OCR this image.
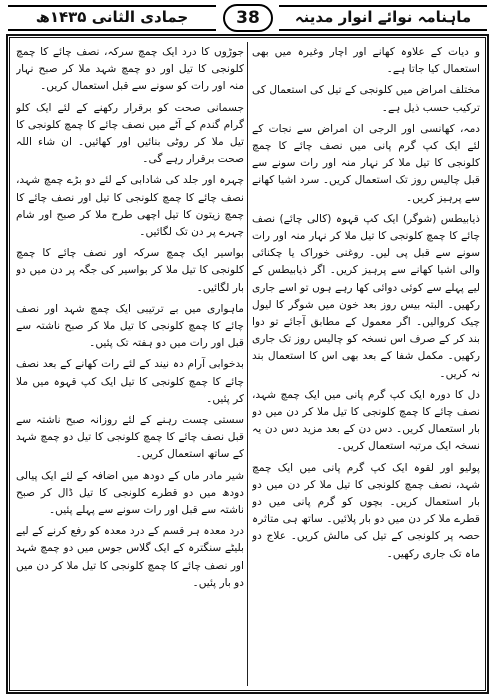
جمادی الثانی ۱۴۳۵ھ	38	ماہنامہ نوائے انوار مدینہ

و دیات کے علاوہ کھانے اور اچار وغیرہ میں بھی استعمال کیا جاتا ہے۔

مختلف امراض میں کلونجی کے تیل کی استعمال کی ترکیب حسب ذیل ہے۔

دمہ، کھانسی اور الرجی ان امراض سے نجات کے لئے ایک کپ گرم پانی میں نصف چائے کا چمچ کلونجی کا تیل ملا کر نہار منہ اور رات سونے سے قبل چالیس روز تک استعمال کریں۔ سرد اشیا کھانے سے پرہیز کریں۔

ذیابیطس (شوگر) ایک کپ قہوہ (کالی چائے) نصف چائے کا چمچ کلونجی کا تیل ملا کر نہار منہ اور رات سونے سے قبل پی لیں۔ روغنی خوراک یا چکنائی والی اشیا کھانے سے پرہیز کریں۔ اگر ذیابیطس کے لیے پہلے سے کوئی دوائی کھا رہے ہوں تو اسے جاری رکھیں۔ البتہ بیس روز بعد خون میں شوگر کا لیول چیک کروالیں۔ اگر معمول کے مطابق آجائے تو دوا بند کر کے صرف اس نسخہ کو چالیس روز تک جاری رکھیں۔ مکمل شفا کے بعد بھی اس کا استعمال بند نہ کریں۔

دل کا دورہ ایک کپ گرم پانی میں ایک چمچ شہد، نصف چائے کا چمچ کلونجی کا تیل ملا کر دن میں دو بار استعمال کریں۔ دس دن کے بعد مزید دس دن یہ نسخہ ایک مرتبہ استعمال کریں۔

پولیو اور لقوہ ایک کپ گرم پانی میں ایک چمچ شہد، نصف چمچ کلونجی کا تیل ملا کر دن میں دو بار استعمال کریں۔ بچوں کو گرم پانی میں دو قطرے ملا کر دن میں دو بار پلائیں۔ ساتھ ہی متاثرہ حصہ پر کلونجی کے تیل کی مالش کریں۔ علاج دو ماہ تک جاری رکھیں۔

جوڑوں کا درد ایک چمچ سرکہ، نصف چائے کا چمچ کلونجی کا تیل اور دو چمچ شہد ملا کر صبح نہار منہ اور رات کو سونے سے قبل استعمال کریں۔

جسمانی صحت کو برقرار رکھنے کے لئے ایک کلو گرام گندم کے آٹے میں نصف چائے کا چمچ کلونجی کا تیل ملا کر روٹی بنائیں اور کھائیں۔ ان شاء اللہ صحت برقرار رہے گی۔

چہرہ اور جلد کی شادابی کے لئے دو بڑے چمچ شہد، نصف چائے کا چمچ کلونجی کا تیل اور نصف چائے کا چمچ زیتون کا تیل اچھی طرح ملا کر صبح اور شام چہرے پر دن تک لگائیں۔

بواسیر ایک چمچ سرکہ اور نصف چائے کا چمچ کلونجی کا تیل ملا کر بواسیر کی جگہ پر دن میں دو بار لگائیں۔

ماہواری میں بے ترتیبی ایک چمچ شہد اور نصف چائے کا چمچ کلونجی کا تیل ملا کر صبح ناشتہ سے قبل اور رات میں دو ہفتہ تک پئیں۔

بدخوابی آرام دہ نیند کے لئے رات کھانے کے بعد نصف چائے کا چمچ کلونجی کا تیل ایک کپ قہوہ میں ملا کر پئیں۔

سستی چست رہنے کے لئے روزانہ صبح ناشتہ سے قبل نصف چائے کا چمچ کلونجی کا تیل دو چمچ شہد کے ساتھ استعمال کریں۔

شیر مادر ماں کے دودھ میں اضافہ کے لئے ایک پیالی دودھ میں دو قطرے کلونجی کا تیل ڈال کر صبح ناشتہ سے قبل اور رات سونے سے پہلے پئیں۔

درد معدہ ہر قسم کے درد معدہ کو رفع کرنے کے لیے بلیٹے سنگترہ کے ایک گلاس جوس میں دو چمچ شہد اور نصف چائے کا چمچ کلونجی کا تیل ملا کر دن میں دو بار پئیں۔
